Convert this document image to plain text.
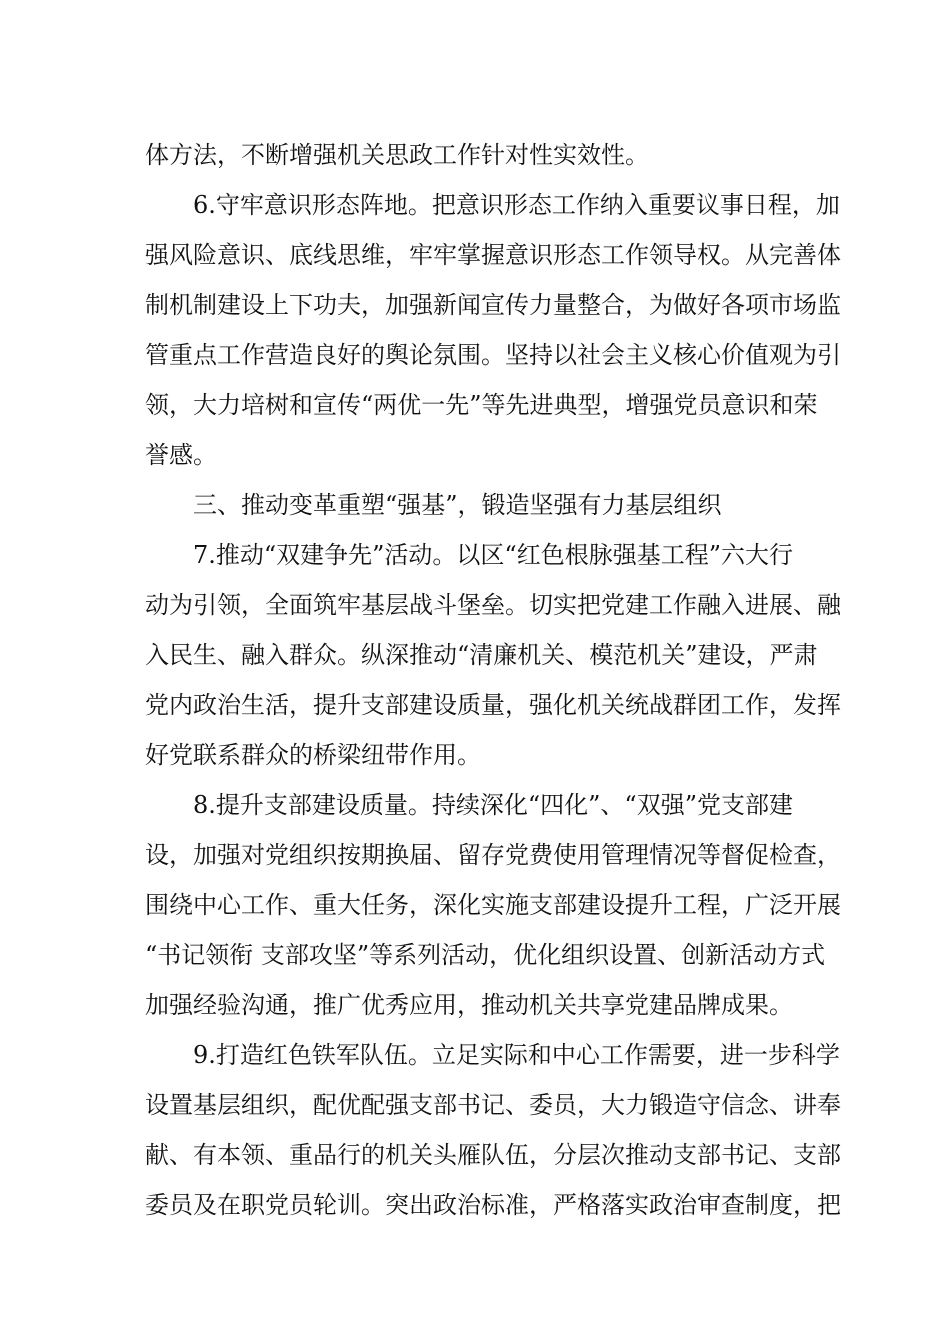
体方法，不断增强机关思政工作针对性实效性。
6.守牢意识形态阵地。把意识形态工作纳入重要议事日程，加
强风险意识、底线思维，牢牢掌握意识形态工作领导权。从完善体
制机制建设上下功夫，加强新闻宣传力量整合，为做好各项市场监
管重点工作营造良好的舆论氛围。坚持以社会主义核心价值观为引
领，大力培树和宣传“两优一先”等先进典型，增强党员意识和荣
誉感。
三、推动变革重塑“强基”，锻造坚强有力基层组织
7.推动“双建争先”活动。以区“红色根脉强基工程”六大行
动为引领，全面筑牢基层战斗堡垒。切实把党建工作融入进展、融
入民生、融入群众。纵深推动“清廉机关、模范机关”建设，严肃
党内政治生活，提升支部建设质量，强化机关统战群团工作，发挥
好党联系群众的桥梁纽带作用。
8.提升支部建设质量。持续深化“四化”、“双强”党支部建
设，加强对党组织按期换届、留存党费使用管理情况等督促检查，
围绕中心工作、重大任务，深化实施支部建设提升工程，广泛开展
“书记领衔 支部攻坚”等系列活动，优化组织设置、创新活动方式
加强经验沟通，推广优秀应用，推动机关共享党建品牌成果。
9.打造红色铁军队伍。立足实际和中心工作需要，进一步科学
设置基层组织，配优配强支部书记、委员，大力锻造守信念、讲奉
献、有本领、重品行的机关头雁队伍，分层次推动支部书记、支部
委员及在职党员轮训。突出政治标准，严格落实政治审查制度，把
